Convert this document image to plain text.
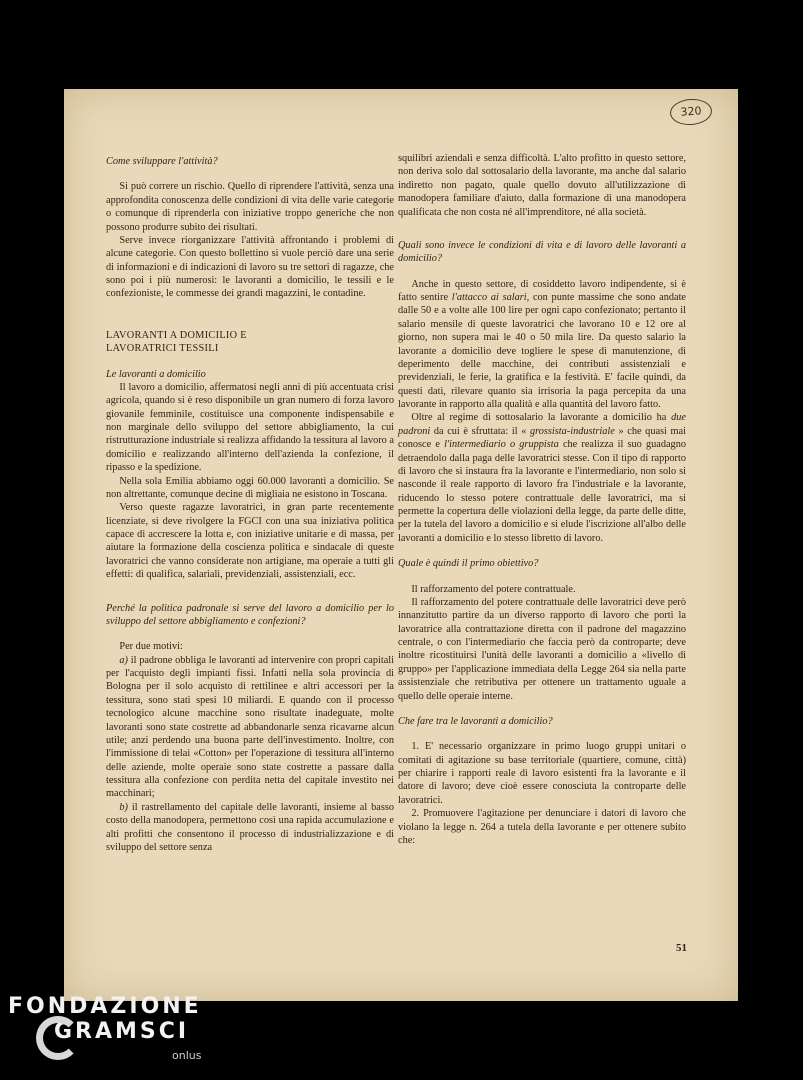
320

Come sviluppare l'attività?

Si può correre un rischio. Quello di riprendere l'attività, senza una approfondita conoscenza delle condizioni di vita delle varie categorie o comunque di riprenderla con iniziative troppo generiche che non possono produrre subito dei risultati.

Serve invece riorganizzare l'attività affrontando i problemi di alcune categorie. Con questo bollettino si vuole perciò dare una serie di informazioni e di indicazioni di lavoro su tre settori di ragazze, che sono poi i più numerosi: le lavoranti a domicilio, le tessili e le confezioniste, le commesse dei grandi magazzini, le contadine.

LAVORANTI A DOMICILIO E

LAVORATRICI TESSILI

Le lavoranti a domicilio

Il lavoro a domicilio, affermatosi negli anni di più accentuata crisi agricola, quando si è reso disponibile un gran numero di forza lavoro giovanile femminile, costituisce una componente indispensabile e non marginale dello sviluppo del settore abbigliamento, la cui ristrutturazione industriale si realizza affidando la tessitura al lavoro a domicilio e realizzando all'interno dell'azienda la confezione, il ripasso e la spedizione.

Nella sola Emilia abbiamo oggi 60.000 lavoranti a domicilio. Se non altrettante, comunque decine di migliaia ne esistono in Toscana.

Verso queste ragazze lavoratrici, in gran parte recentemente licenziate, si deve rivolgere la FGCI con una sua iniziativa politica capace di accrescere la lotta e, con iniziative unitarie e di massa, per aiutare la formazione della coscienza politica e sindacale di queste lavoratrici che vanno considerate non artigiane, ma operaie a tutti gli effetti: di qualifica, salariali, previdenziali, assistenziali, ecc.

Perché la politica padronale si serve del lavoro a domicilio per lo sviluppo del settore abbigliamento e confezioni?

Per due motivi:

a) il padrone obbliga le lavoranti ad intervenire con propri capitali per l'acquisto degli impianti fissi. Infatti nella sola provincia di Bologna per il solo acquisto di rettilinee e altri accessori per la tessitura, sono stati spesi 10 miliardi. E quando con il processo tecnologico alcune macchine sono risultate inadeguate, molte lavoranti sono state costrette ad abbandonarle senza ricavarne alcun utile; anzi perdendo una buona parte dell'investimento. Inoltre, con l'immissione di telai «Cotton» per l'operazione di tessitura all'interno delle aziende, molte operaie sono state costrette a passare dalla tessitura alla confezione con perdita netta del capitale investito nei macchinari;

b) il rastrellamento del capitale delle lavoranti, insieme al basso costo della manodopera, permettono così una rapida accumulazione e alti profitti che consentono il processo di industrializzazione e di sviluppo del settore senza

squilibri aziendali e senza difficoltà. L'alto profitto in questo settore, non deriva solo dal sottosalario della lavorante, ma anche dal salario indiretto non pagato, quale quello dovuto all'utilizzazione di manodopera familiare d'aiuto, dalla formazione di una manodopera qualificata che non costa né all'imprenditore, né alla società.

Quali sono invece le condizioni di vita e di lavoro delle lavoranti a domicilio?

Anche in questo settore, di cosiddetto lavoro indipendente, si è fatto sentire l'attacco ai salari, con punte massime che sono andate dalle 50 e a volte alle 100 lire per ogni capo confezionato; pertanto il salario mensile di queste lavoratrici che lavorano 10 e 12 ore al giorno, non supera mai le 40 o 50 mila lire. Da questo salario la lavorante a domicilio deve togliere le spese di manutenzione, di deperimento delle macchine, dei contributi assistenziali e previdenziali, le ferie, la gratifica e la festività. E' facile quindi, da questi dati, rilevare quanto sia irrisoria la paga percepita da una lavorante in rapporto alla qualità e alla quantità del lavoro fatto.

Oltre al regime di sottosalario la lavorante a domicilio ha due padroni da cui è sfruttata: il « grossista-industriale » che quasi mai conosce e l'intermediario o gruppista che realizza il suo guadagno detraendolo dalla paga delle lavoratrici stesse. Con il tipo di rapporto di lavoro che si instaura fra la lavorante e l'intermediario, non solo si nasconde il reale rapporto di lavoro fra l'industriale e la lavorante, riducendo lo stesso potere contrattuale delle lavoratrici, ma si permette la copertura delle violazioni della legge, da parte delle ditte, per la tutela del lavoro a domicilio e si elude l'iscrizione all'albo delle lavoranti a domicilio e lo stesso libretto di lavoro.

Quale è quindi il primo obiettivo?

Il rafforzamento del potere contrattuale.

Il rafforzamento del potere contrattuale delle lavoratrici deve però innanzitutto partire da un diverso rapporto di lavoro che porti la lavoratrice alla contrattazione diretta con il padrone del magazzino centrale, o con l'intermediario che faccia però da controparte; deve inoltre ricostituirsi l'unità delle lavoranti a domicilio a «livello di gruppo» per l'applicazione immediata della Legge 264 sia nella parte assistenziale che retributiva per ottenere un trattamento uguale a quello delle operaie interne.

Che fare tra le lavoranti a domicilio?

1. E' necessario organizzare in primo luogo gruppi unitari o comitati di agitazione su base territoriale (quartiere, comune, città) per chiarire i rapporti reale di lavoro esistenti fra la lavorante e il datore di lavoro; deve cioè essere conosciuta la controparte delle lavoratrici.

2. Promuovere l'agitazione per denunciare i datori di lavoro che violano la legge n. 264 a tutela della lavorante e per ottenere subito che:

51
FONDAZIONE
GRAMSCI
onlus
